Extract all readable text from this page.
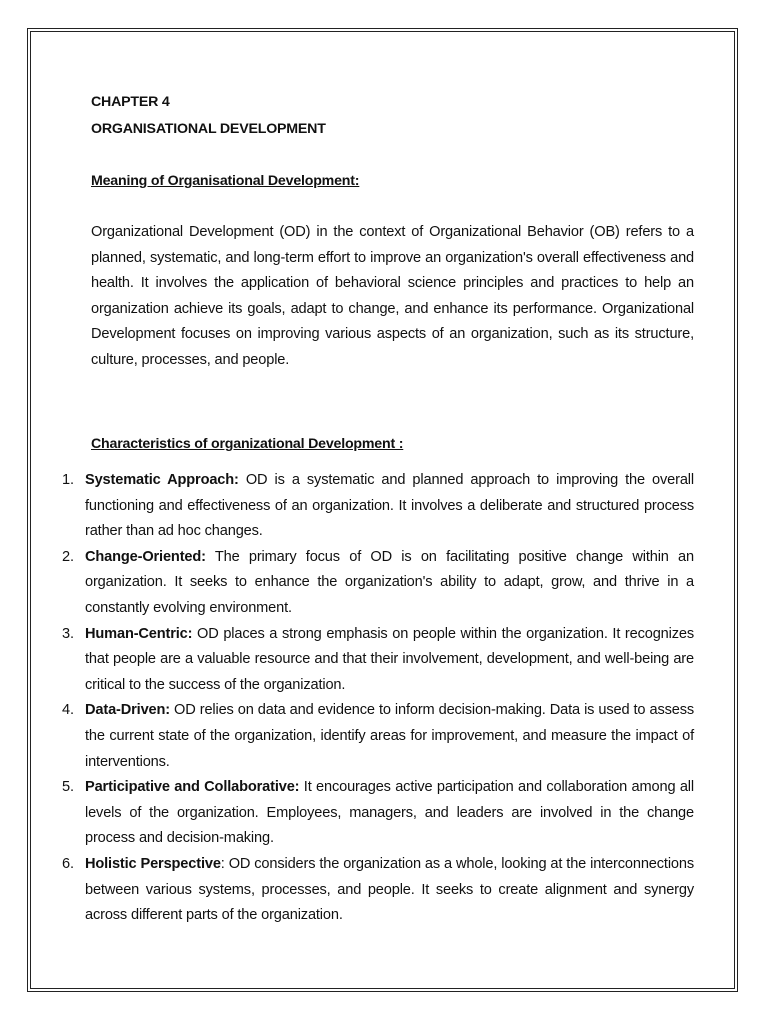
CHAPTER 4
ORGANISATIONAL DEVELOPMENT
Meaning of Organisational Development:
Organizational Development (OD) in the context of Organizational Behavior (OB) refers to a planned, systematic, and long-term effort to improve an organization's overall effectiveness and health. It involves the application of behavioral science principles and practices to help an organization achieve its goals, adapt to change, and enhance its performance. Organizational Development focuses on improving various aspects of an organization, such as its structure, culture, processes, and people.
Characteristics of organizational Development :
1. Systematic Approach: OD is a systematic and planned approach to improving the overall functioning and effectiveness of an organization. It involves a deliberate and structured process rather than ad hoc changes.
2. Change-Oriented: The primary focus of OD is on facilitating positive change within an organization. It seeks to enhance the organization's ability to adapt, grow, and thrive in a constantly evolving environment.
3. Human-Centric: OD places a strong emphasis on people within the organization. It recognizes that people are a valuable resource and that their involvement, development, and well-being are critical to the success of the organization.
4. Data-Driven: OD relies on data and evidence to inform decision-making. Data is used to assess the current state of the organization, identify areas for improvement, and measure the impact of interventions.
5. Participative and Collaborative: It encourages active participation and collaboration among all levels of the organization. Employees, managers, and leaders are involved in the change process and decision-making.
6. Holistic Perspective: OD considers the organization as a whole, looking at the interconnections between various systems, processes, and people. It seeks to create alignment and synergy across different parts of the organization.
